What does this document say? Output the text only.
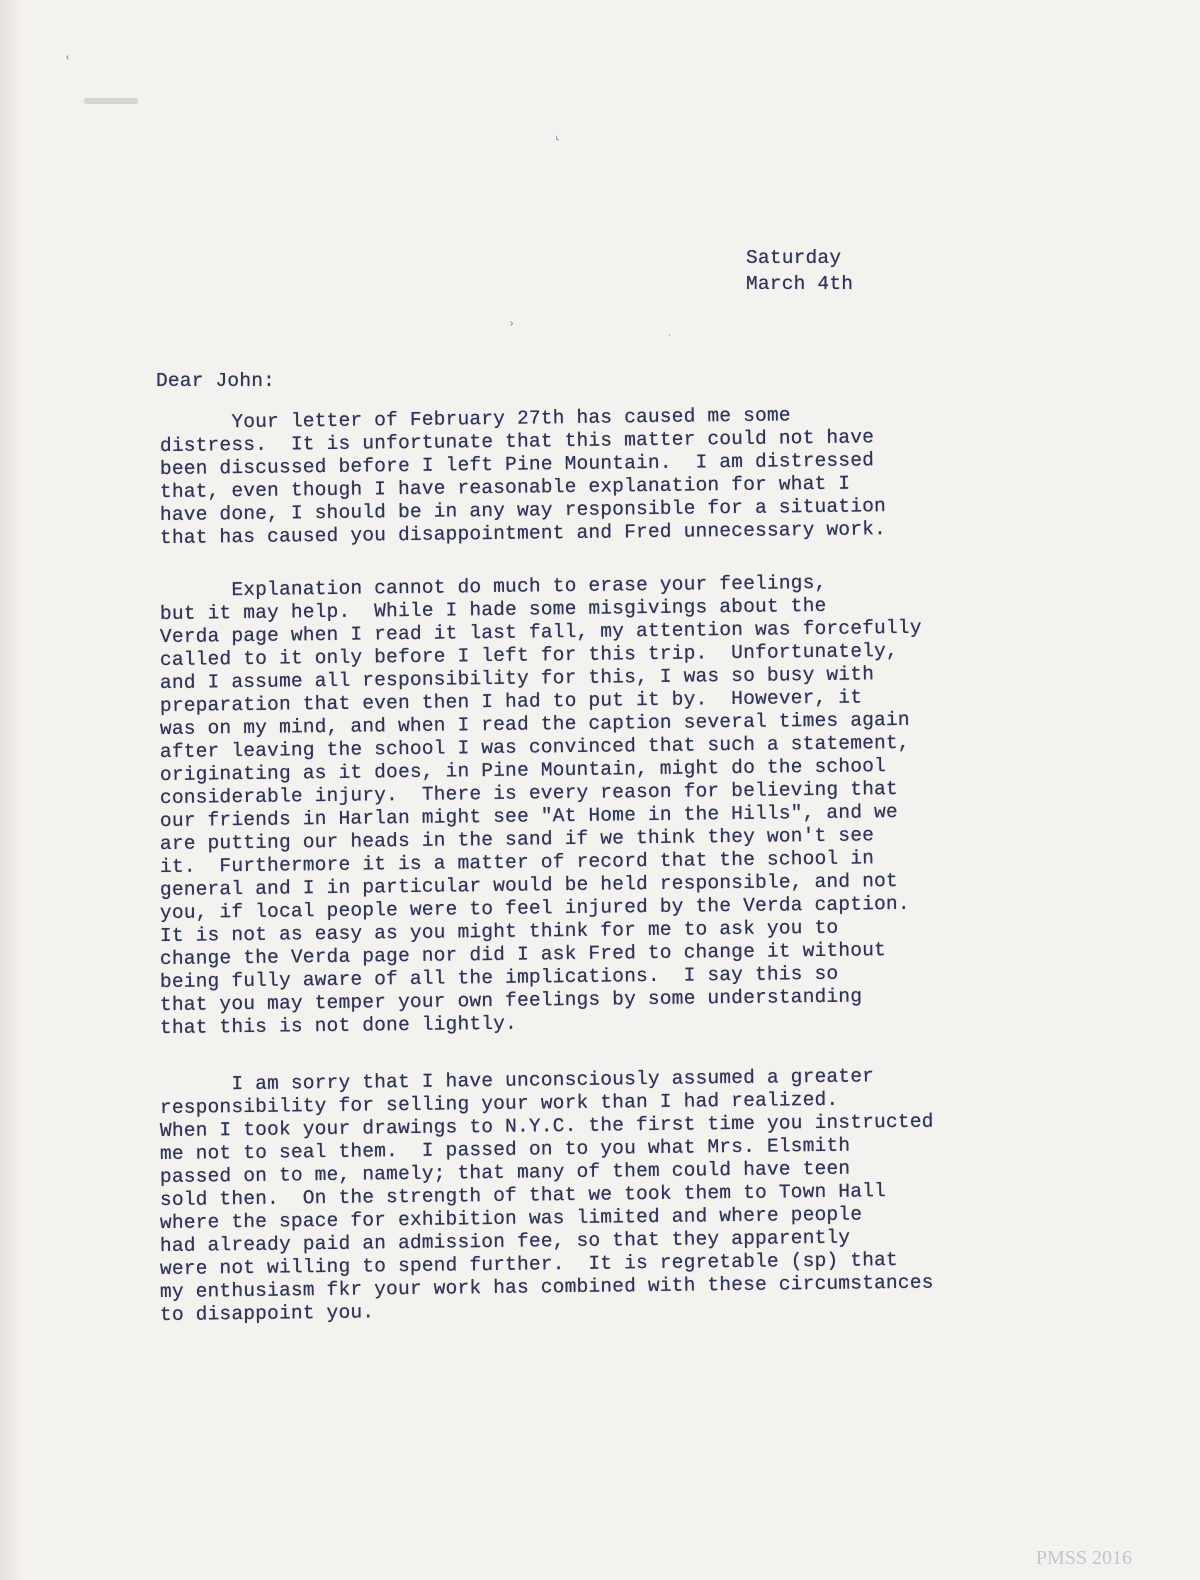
‹
˪
›
ˈ
Saturday
March 4th
Dear John:
Your letter of February 27th has caused me some
distress.  It is unfortunate that this matter could not have
been discussed before I left Pine Mountain.  I am distressed
that, even though I have reasonable explanation for what I
have done, I should be in any way responsible for a situation
that has caused you disappointment and Fred unnecessary work.
Explanation cannot do much to erase your feelings,
but it may help.  While I hade some misgivings about the
Verda page when I read it last fall, my attention was forcefully
called to it only before I left for this trip.  Unfortunately,
and I assume all responsibility for this, I was so busy with
preparation that even then I had to put it by.  However, it
was on my mind, and when I read the caption several times again
after leaving the school I was convinced that such a statement,
originating as it does, in Pine Mountain, might do the school
considerable injury.  There is every reason for believing that
our friends in Harlan might see "At Home in the Hills", and we
are putting our heads in the sand if we think they won't see
it.  Furthermore it is a matter of record that the school in
general and I in particular would be held responsible, and not
you, if local people were to feel injured by the Verda caption.
It is not as easy as you might think for me to ask you to
change the Verda page nor did I ask Fred to change it without
being fully aware of all the implications.  I say this so
that you may temper your own feelings by some understanding
that this is not done lightly.
I am sorry that I have unconsciously assumed a greater
responsibility for selling your work than I had realized.
When I took your drawings to N.Y.C. the first time you instructed
me not to seal them.  I passed on to you what Mrs. Elsmith
passed on to me, namely; that many of them could have teen
sold then.  On the strength of that we took them to Town Hall
where the space for exhibition was limited and where people
had already paid an admission fee, so that they apparently
were not willing to spend further.  It is regretable (sp) that
my enthusiasm fkr your work has combined with these circumstances
to disappoint you.
PMSS 2016
